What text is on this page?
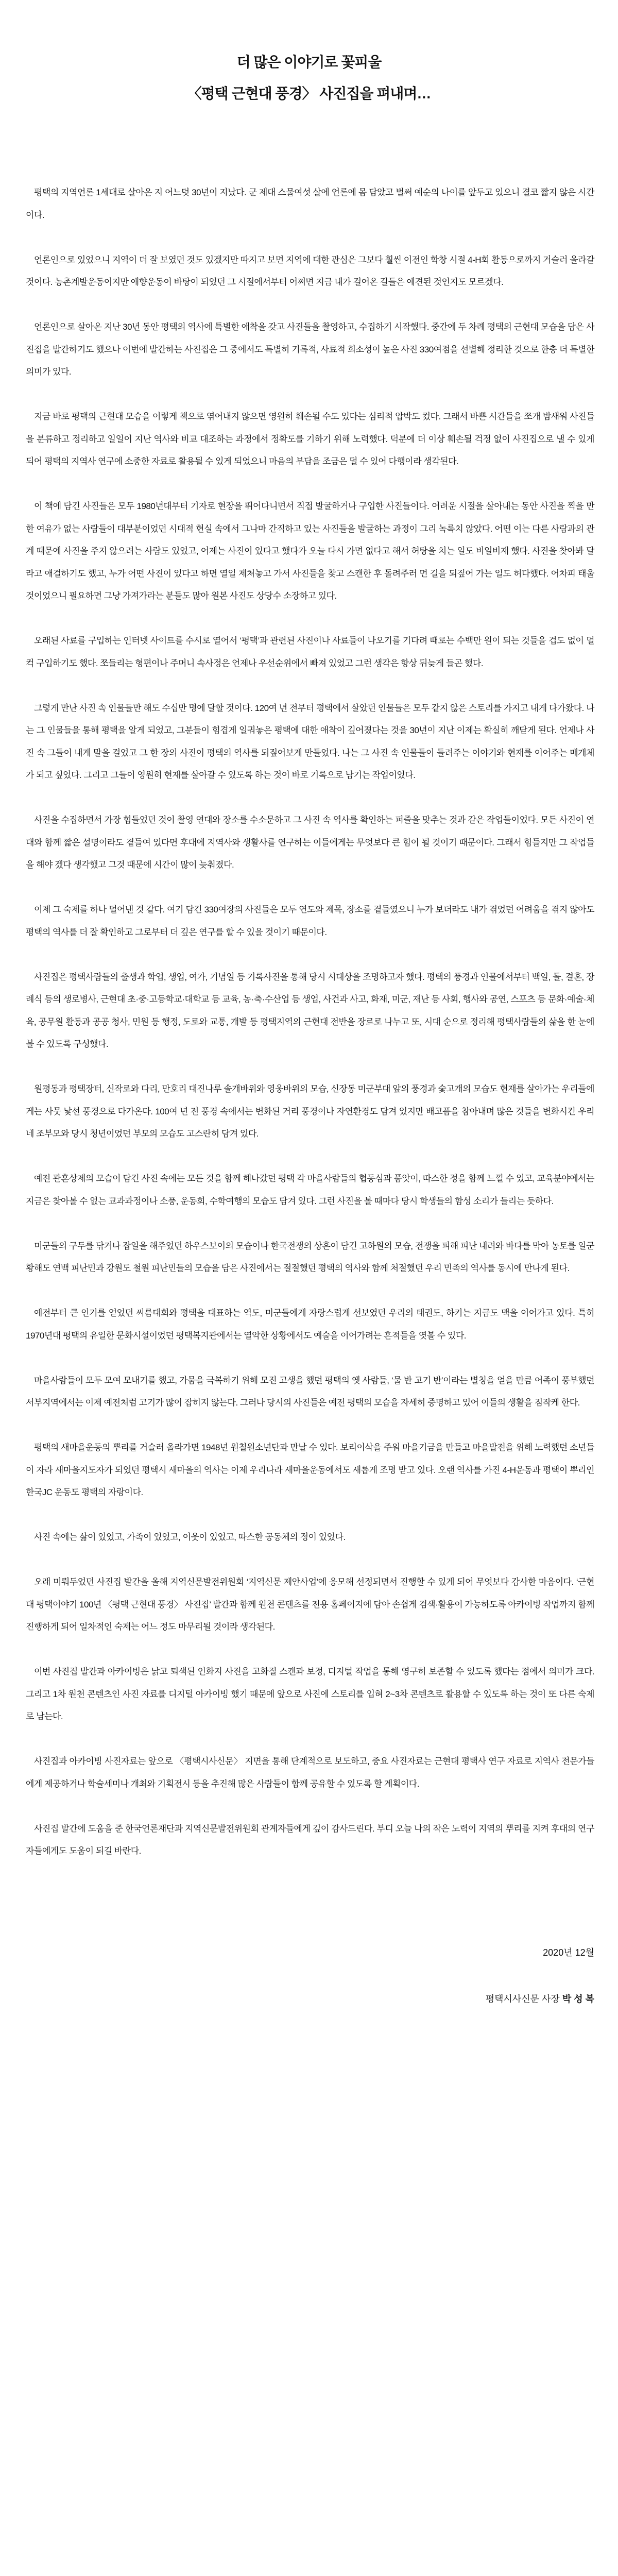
더 많은 이야기로 꽃피울
〈평택 근현대 풍경〉 사진집을 펴내며…

평택의 지역언론 1세대로 살아온 지 어느덧 30년이 지났다. 군 제대 스물여섯 살에 언론에 몸 담았고 벌써 예순의 나이를 앞두고 있으니 결코 짧지 않은 시간이다.

언론인으로 있었으니 지역이 더 잘 보였던 것도 있겠지만 따지고 보면 지역에 대한 관심은 그보다 훨씬 이전인 학창 시절 4-H회 활동으로까지 거슬러 올라갈 것이다. 농촌계발운동이지만 애향운동이 바탕이 되었던 그 시절에서부터 어쩌면 지금 내가 걸어온 길들은 예견된 것인지도 모르겠다.

언론인으로 살아온 지난 30년 동안 평택의 역사에 특별한 애착을 갖고 사진들을 촬영하고, 수집하기 시작했다. 중간에 두 차례 평택의 근현대 모습을 담은 사진집을 발간하기도 했으나 이번에 발간하는 사진집은 그 중에서도 특별히 기록적, 사료적 희소성이 높은 사진 330여점을 선별해 정리한 것으로 한층 더 특별한 의미가 있다.

지금 바로 평택의 근현대 모습을 이렇게 책으로 엮어내지 않으면 영원히 훼손될 수도 있다는 심리적 압박도 컸다. 그래서 바쁜 시간들을 쪼개 밤새워 사진들을 분류하고 정리하고 일일이 지난 역사와 비교 대조하는 과정에서 정확도를 기하기 위해 노력했다. 덕분에 더 이상 훼손될 걱정 없이 사진집으로 낼 수 있게 되어 평택의 지역사 연구에 소중한 자료로 활용될 수 있게 되었으니 마음의 부담을 조금은 덜 수 있어 다행이라 생각된다.

이 책에 담긴 사진들은 모두 1980년대부터 기자로 현장을 뛰어다니면서 직접 발굴하거나 구입한 사진들이다. 어려운 시절을 살아내는 동안 사진을 찍을 만한 여유가 없는 사람들이 대부분이었던 시대적 현실 속에서 그나마 간직하고 있는 사진들을 발굴하는 과정이 그리 녹록치 않았다. 어떤 이는 다른 사람과의 관계 때문에 사진을 주지 않으려는 사람도 있었고, 어제는 사진이 있다고 했다가 오늘 다시 가면 없다고 해서 허탕을 치는 일도 비일비재 했다. 사진을 찾아봐 달라고 애걸하기도 했고, 누가 어떤 사진이 있다고 하면 열일 제쳐놓고 가서 사진들을 찾고 스캔한 후 돌려주러 먼 길을 되짚어 가는 일도 허다했다. 어차피 태울 것이었으니 필요하면 그냥 가져가라는 분들도 많아 원본 사진도 상당수 소장하고 있다.

오래된 사료를 구입하는 인터넷 사이트를 수시로 열어서 ‘평택’과 관련된 사진이나 사료들이 나오기를 기다려 때로는 수백만 원이 되는 것들을 겁도 없이 덜컥 구입하기도 했다. 쪼들리는 형편이나 주머니 속사정은 언제나 우선순위에서 빠져 있었고 그런 생각은 항상 뒤늦게 들곤 했다.

그렇게 만난 사진 속 인물들만 해도 수십만 명에 달할 것이다. 120여 년 전부터 평택에서 살았던 인물들은 모두 같지 않은 스토리를 가지고 내게 다가왔다. 나는 그 인물들을 통해 평택을 알게 되었고, 그분들이 힘겹게 일궈놓은 평택에 대한 애착이 깊어졌다는 것을 30년이 지난 이제는 확실히 깨닫게 된다. 언제나 사진 속 그들이 내게 말을 걸었고 그 한 장의 사진이 평택의 역사를 되짚어보게 만들었다. 나는 그 사진 속 인물들이 들려주는 이야기와 현재를 이어주는 매개체가 되고 싶었다. 그리고 그들이 영원히 현재를 살아갈 수 있도록 하는 것이 바로 기록으로 남기는 작업이었다.

사진을 수집하면서 가장 힘들었던 것이 촬영 연대와 장소를 수소문하고 그 사진 속 역사를 확인하는 퍼즐을 맞추는 것과 같은 작업들이었다. 모든 사진이 연대와 함께 짧은 설명이라도 곁들여 있다면 후대에 지역사와 생활사를 연구하는 이들에게는 무엇보다 큰 힘이 될 것이기 때문이다. 그래서 힘들지만 그 작업들을 해야 겠다 생각했고 그것 때문에 시간이 많이 늦춰졌다.

이제 그 숙제를 하나 덜어낸 것 같다. 여기 담긴 330여장의 사진들은 모두 연도와 제목, 장소를 곁들였으니 누가 보더라도 내가 겪었던 어려움을 겪지 않아도 평택의 역사를 더 잘 확인하고 그로부터 더 깊은 연구를 할 수 있을 것이기 때문이다.

사진집은 평택사람들의 출생과 학업, 생업, 여가, 기념일 등 기록사진을 통해 당시 시대상을 조명하고자 했다. 평택의 풍경과 인물에서부터 백일, 돌, 결혼, 장례식 등의 생로병사, 근현대 초·중·고등학교·대학교 등 교육, 농·축·수산업 등 생업, 사건과 사고, 화재, 미군, 재난 등 사회, 행사와 공연, 스포츠 등 문화·예술·체육, 공무원 활동과 공공 청사, 민원 등 행정, 도로와 교통, 개발 등 평택지역의 근현대 전반을 장르로 나누고 또, 시대 순으로 정리해 평택사람들의 삶을 한 눈에 볼 수 있도록 구성했다.

원평동과 평택장터, 신작로와 다리, 만호리 대진나루 솔개바위와 영웅바위의 모습, 신장동 미군부대 앞의 풍경과 숯고개의 모습도 현재를 살아가는 우리들에게는 사뭇 낯선 풍경으로 다가온다. 100여 년 전 풍경 속에서는 변화된 거리 풍경이나 자연환경도 담겨 있지만 배고픔을 참아내며 많은 것들을 변화시킨 우리네 조부모와 당시 청년이었던 부모의 모습도 고스란히 담겨 있다.

예전 관혼상제의 모습이 담긴 사진 속에는 모든 것을 함께 해나갔던 평택 각 마을사람들의 협동심과 품앗이, 따스한 정을 함께 느낄 수 있고, 교육분야에서는 지금은 찾아볼 수 없는 교과과정이나 소풍, 운동회, 수학여행의 모습도 담겨 있다. 그런 사진을 볼 때마다 당시 학생들의 함성 소리가 들리는 듯하다.

미군들의 구두를 닦거나 잡일을 해주었던 하우스보이의 모습이나 한국전쟁의 상흔이 담긴 고하원의 모습, 전쟁을 피해 피난 내려와 바다를 막아 농토를 일군 황해도 연백 피난민과 강원도 철원 피난민들의 모습을 담은 사진에서는 절절했던 평택의 역사와 함께 처절했던 우리 민족의 역사를 동시에 만나게 된다.

예전부터 큰 인기를 얻었던 씨름대회와 평택을 대표하는 역도, 미군들에게 자랑스럽게 선보였던 우리의 태권도, 하키는 지금도 맥을 이어가고 있다. 특히 1970년대 평택의 유일한 문화시설이었던 평택복지관에서는 열악한 상황에서도 예술을 이어가려는 흔적들을 엿볼 수 있다.

마을사람들이 모두 모여 모내기를 했고, 가뭄을 극복하기 위해 모진 고생을 했던 평택의 옛 사람들, ‘물 반 고기 반’이라는 별칭을 얻을 만큼 어족이 풍부했던 서부지역에서는 이제 예전처럼 고기가 많이 잡히지 않는다. 그러나 당시의 사진들은 예전 평택의 모습을 자세히 증명하고 있어 이들의 생활을 짐작케 한다.

평택의 새마을운동의 뿌리를 거슬러 올라가면 1948년 원칠원소년단과 만날 수 있다. 보리이삭을 주워 마을기금을 만들고 마을발전을 위해 노력했던 소년들이 자라 새마을지도자가 되었던 평택시 새마을의 역사는 이제 우리나라 새마을운동에서도 새롭게 조명 받고 있다. 오랜 역사를 가진 4-H운동과 평택이 뿌리인 한국JC 운동도 평택의 자랑이다.

사진 속에는 삶이 있었고, 가족이 있었고, 이웃이 있었고, 따스한 공동체의 정이 있었다.

오래 미뤄두었던 사진집 발간을 올해 지역신문발전위원회 ‘지역신문 제안사업’에 응모해 선정되면서 진행할 수 있게 되어 무엇보다 감사한 마음이다. ‘근현대 평택이야기 100년 〈평택 근현대 풍경〉 사진집’ 발간과 함께 원천 콘텐츠를 전용 홈페이지에 담아 손쉽게 검색·활용이 가능하도록 아카이빙 작업까지 함께 진행하게 되어 일차적인 숙제는 어느 정도 마무리될 것이라 생각된다.

이번 사진집 발간과 아카이빙은 낡고 퇴색된 인화지 사진을 고화질 스캔과 보정, 디지털 작업을 통해 영구히 보존할 수 있도록 했다는 점에서 의미가 크다. 그리고 1차 원천 콘텐츠인 사진 자료를 디지털 아카이빙 했기 때문에 앞으로 사진에 스토리를 입혀 2~3차 콘텐츠로 활용할 수 있도록 하는 것이 또 다른 숙제로 남는다.

사진집과 아카이빙 사진자료는 앞으로 〈평택시사신문〉 지면을 통해 단계적으로 보도하고, 중요 사진자료는 근현대 평택사 연구 자료로 지역사 전문가들에게 제공하거나 학술세미나 개최와 기획전시 등을 추진해 많은 사람들이 함께 공유할 수 있도록 할 계획이다.

사진집 발간에 도움을 준 한국언론재단과 지역신문발전위원회 관계자들에게 깊이 감사드린다. 부디 오늘 나의 작은 노력이 지역의 뿌리를 지켜 후대의 연구자들에게도 도움이 되길 바란다.

2020년 12월

평택시사신문 사장 박 성 복
